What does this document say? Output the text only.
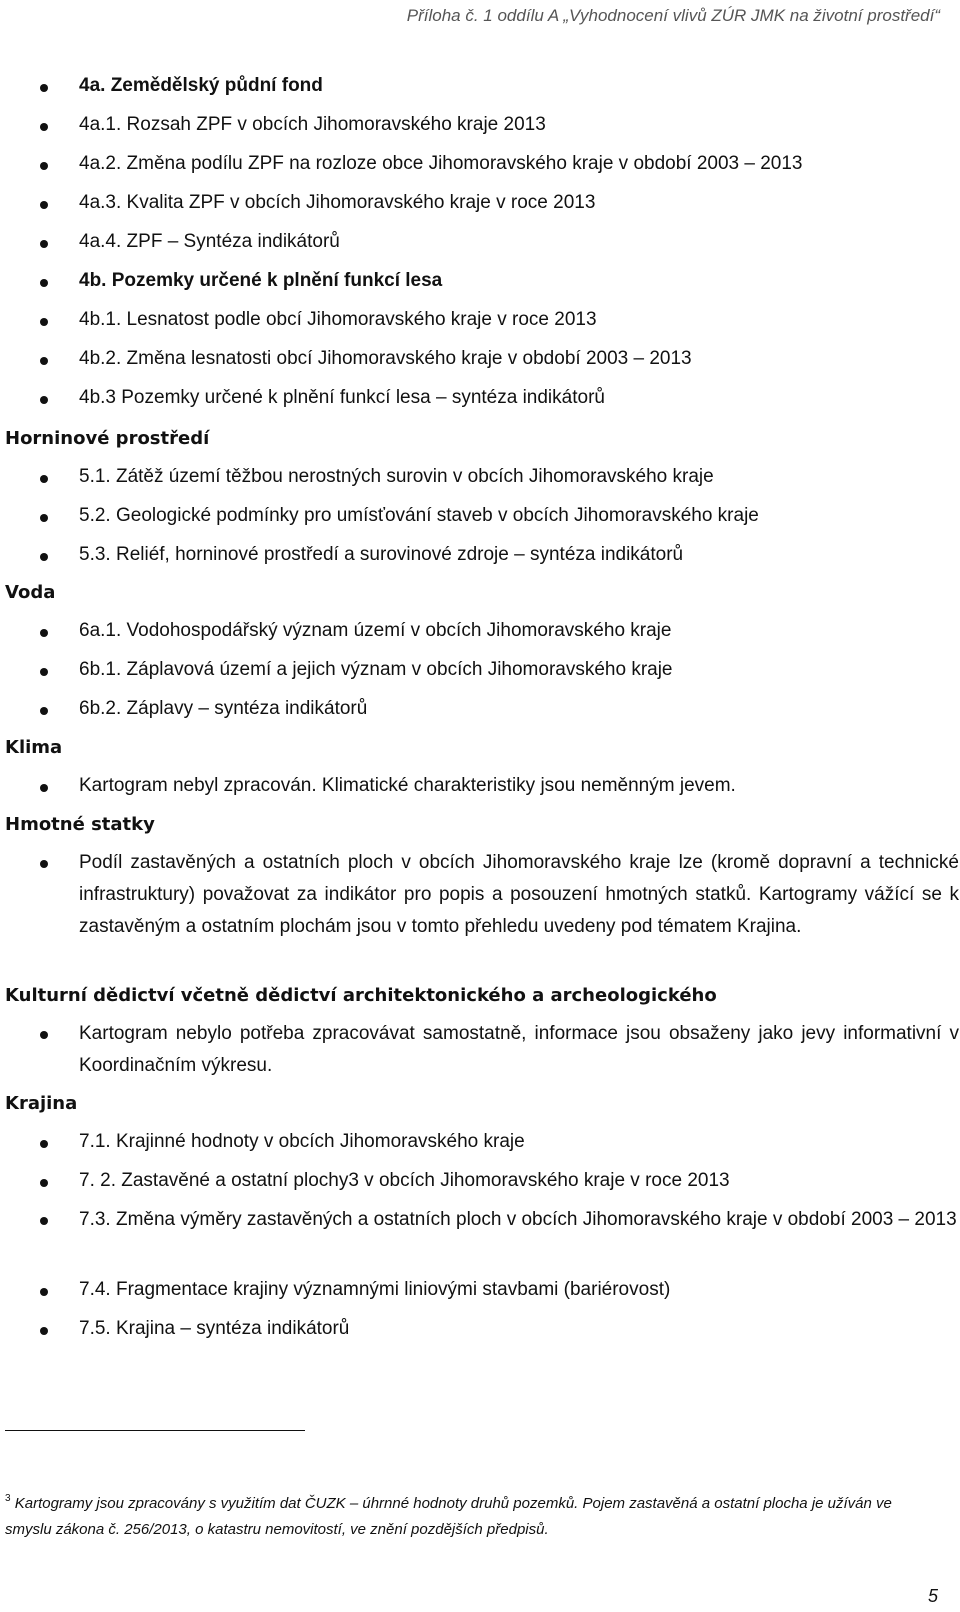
Příloha č. 1 oddílu A „Vyhodnocení vlivů ZÚR JMK na životní prostředí“
4a. Zemědělský půdní fond
4a.1. Rozsah ZPF v obcích Jihomoravského kraje 2013
4a.2. Změna podílu ZPF na rozloze obce Jihomoravského kraje v období 2003 – 2013
4a.3. Kvalita ZPF v obcích Jihomoravského kraje v roce 2013
4a.4. ZPF – Syntéza indikátorů
4b. Pozemky určené k plnění funkcí lesa
4b.1. Lesnatost podle obcí Jihomoravského kraje v roce 2013
4b.2. Změna lesnatosti obcí Jihomoravského kraje v období 2003 – 2013
4b.3 Pozemky určené k plnění funkcí lesa – syntéza indikátorů
Horninové prostředí
5.1. Zátěž území těžbou nerostných surovin v obcích Jihomoravského kraje
5.2. Geologické podmínky pro umísťování staveb v obcích Jihomoravského kraje
5.3. Reliéf, horninové prostředí a surovinové zdroje – syntéza indikátorů
Voda
6a.1. Vodohospodářský význam území v obcích Jihomoravského kraje
6b.1. Záplavová území a jejich význam v obcích Jihomoravského kraje
6b.2. Záplavy – syntéza indikátorů
Klima
Kartogram nebyl zpracován. Klimatické charakteristiky jsou neměnným jevem.
Hmotné statky
Podíl zastavěných a ostatních ploch v obcích Jihomoravského kraje lze (kromě dopravní a technické infrastruktury) považovat za indikátor pro popis a posouzení hmotných statků. Kartogramy vážící se k zastavěným a ostatním plochám jsou v tomto přehledu uvedeny pod tématem Krajina.
Kulturní dědictví včetně dědictví architektonického a archeologického
Kartogram nebylo potřeba zpracovávat samostatně, informace jsou obsaženy jako jevy informativní v Koordinačním výkresu.
Krajina
7.1. Krajinné hodnoty v obcích Jihomoravského kraje
7. 2. Zastavěné a ostatní plochy3 v obcích Jihomoravského kraje v roce 2013
7.3. Změna výměry zastavěných a ostatních ploch v obcích Jihomoravského kraje v období 2003 – 2013
7.4. Fragmentace krajiny významnými liniovými stavbami (bariérovost)
7.5. Krajina – syntéza indikátorů
$^3$ Kartogramy jsou zpracovány s využitím dat ČUZK – úhrnné hodnoty druhů pozemků. Pojem zastavěná a ostatní plocha je užíván ve smyslu zákona č. 256/2013, o katastru nemovitostí, ve znění pozdějších předpisů.
5
